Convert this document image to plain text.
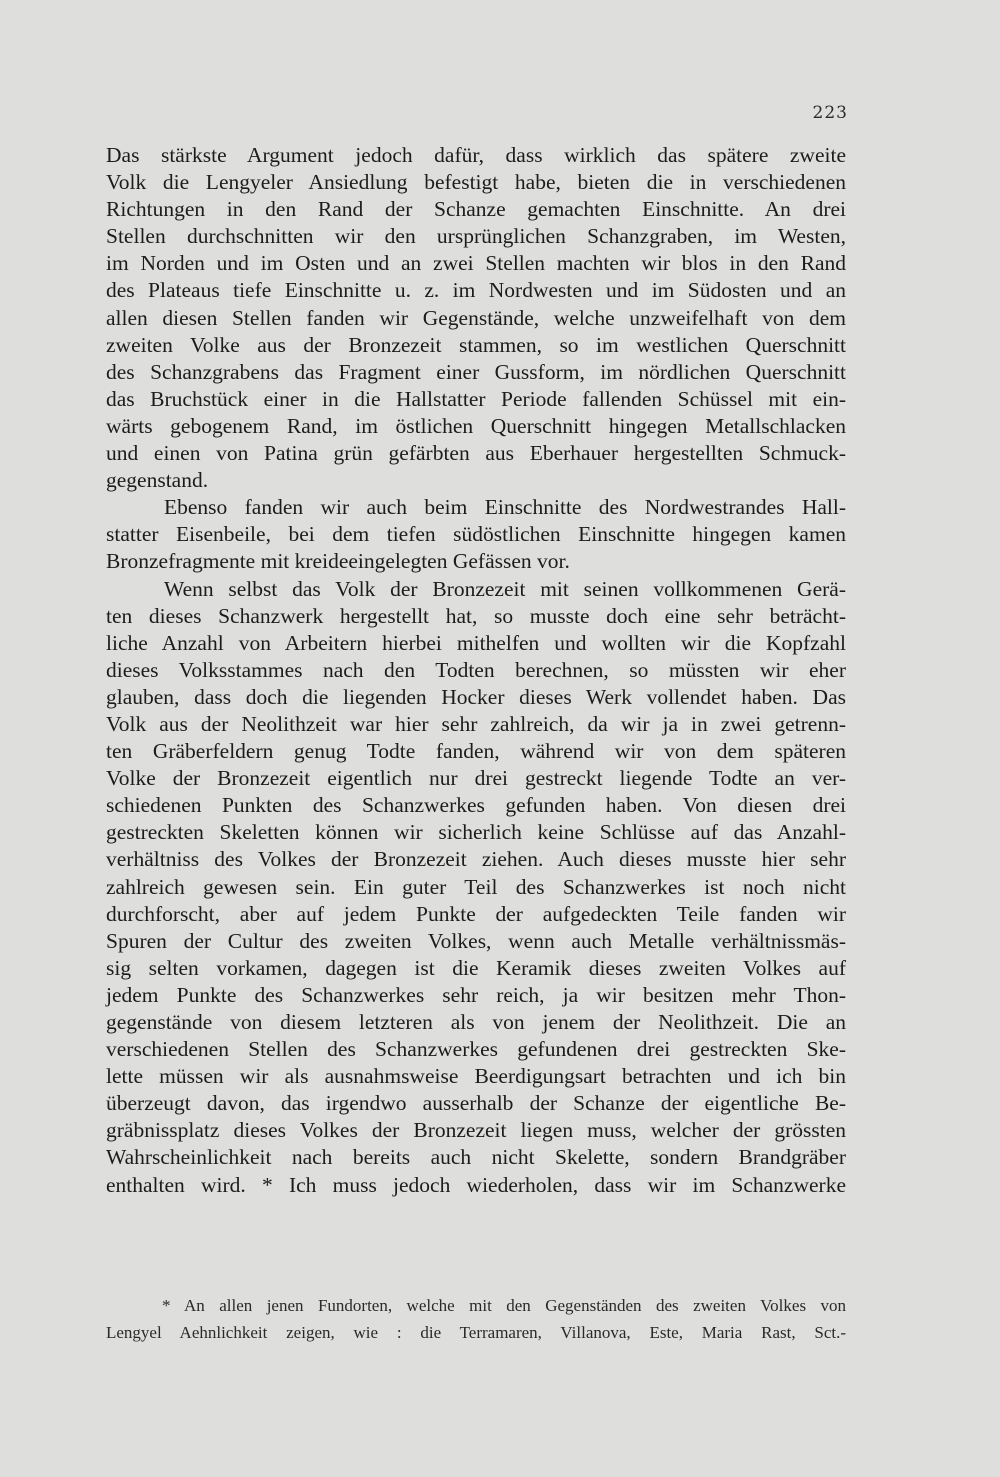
223
Das stärkste Argument jedoch dafür, dass wirklich das spätere zweite
Volk die Lengyeler Ansiedlung befestigt habe, bieten die in verschiedenen
Richtungen in den Rand der Schanze gemachten Einschnitte. An drei
Stellen durchschnitten wir den ursprünglichen Schanzgraben, im Westen,
im Norden und im Osten und an zwei Stellen machten wir blos in den Rand
des Plateaus tiefe Einschnitte u. z. im Nordwesten und im Südosten und an
allen diesen Stellen fanden wir Gegenstände, welche unzweifelhaft von dem
zweiten Volke aus der Bronzezeit stammen, so im westlichen Querschnitt
des Schanzgrabens das Fragment einer Gussform, im nördlichen Querschnitt
das Bruchstück einer in die Hallstatter Periode fallenden Schüssel mit ein-
wärts gebogenem Rand, im östlichen Querschnitt hingegen Metallschlacken
und einen von Patina grün gefärbten aus Eberhauer hergestellten Schmuck-
gegenstand.
Ebenso fanden wir auch beim Einschnitte des Nordwestrandes Hall-
statter Eisenbeile, bei dem tiefen südöstlichen Einschnitte hingegen kamen
Bronzefragmente mit kreideeingelegten Gefässen vor.
Wenn selbst das Volk der Bronzezeit mit seinen vollkommenen Gerä-
ten dieses Schanzwerk hergestellt hat, so musste doch eine sehr beträcht-
liche Anzahl von Arbeitern hierbei mithelfen und wollten wir die Kopfzahl
dieses Volksstammes nach den Todten berechnen, so müssten wir eher
glauben, dass doch die liegenden Hocker dieses Werk vollendet haben. Das
Volk aus der Neolithzeit war hier sehr zahlreich, da wir ja in zwei getrenn-
ten Gräberfeldern genug Todte fanden, während wir von dem späteren
Volke der Bronzezeit eigentlich nur drei gestreckt liegende Todte an ver-
schiedenen Punkten des Schanzwerkes gefunden haben. Von diesen drei
gestreckten Skeletten können wir sicherlich keine Schlüsse auf das Anzahl-
verhältniss des Volkes der Bronzezeit ziehen. Auch dieses musste hier sehr
zahlreich gewesen sein. Ein guter Teil des Schanzwerkes ist noch nicht
durchforscht, aber auf jedem Punkte der aufgedeckten Teile fanden wir
Spuren der Cultur des zweiten Volkes, wenn auch Metalle verhältnissmäs-
sig selten vorkamen, dagegen ist die Keramik dieses zweiten Volkes auf
jedem Punkte des Schanzwerkes sehr reich, ja wir besitzen mehr Thon-
gegenstände von diesem letzteren als von jenem der Neolithzeit. Die an
verschiedenen Stellen des Schanzwerkes gefundenen drei gestreckten Ske-
lette müssen wir als ausnahmsweise Beerdigungsart betrachten und ich bin
überzeugt davon, das irgendwo ausserhalb der Schanze der eigentliche Be-
gräbnissplatz dieses Volkes der Bronzezeit liegen muss, welcher der grössten
Wahrscheinlichkeit nach bereits auch nicht Skelette, sondern Brandgräber
enthalten wird. * Ich muss jedoch wiederholen, dass wir im Schanzwerke
* An allen jenen Fundorten, welche mit den Gegenständen des zweiten Volkes von
Lengyel Aehnlichkeit zeigen, wie : die Terramaren, Villanova, Este, Maria Rast, Sct.-
